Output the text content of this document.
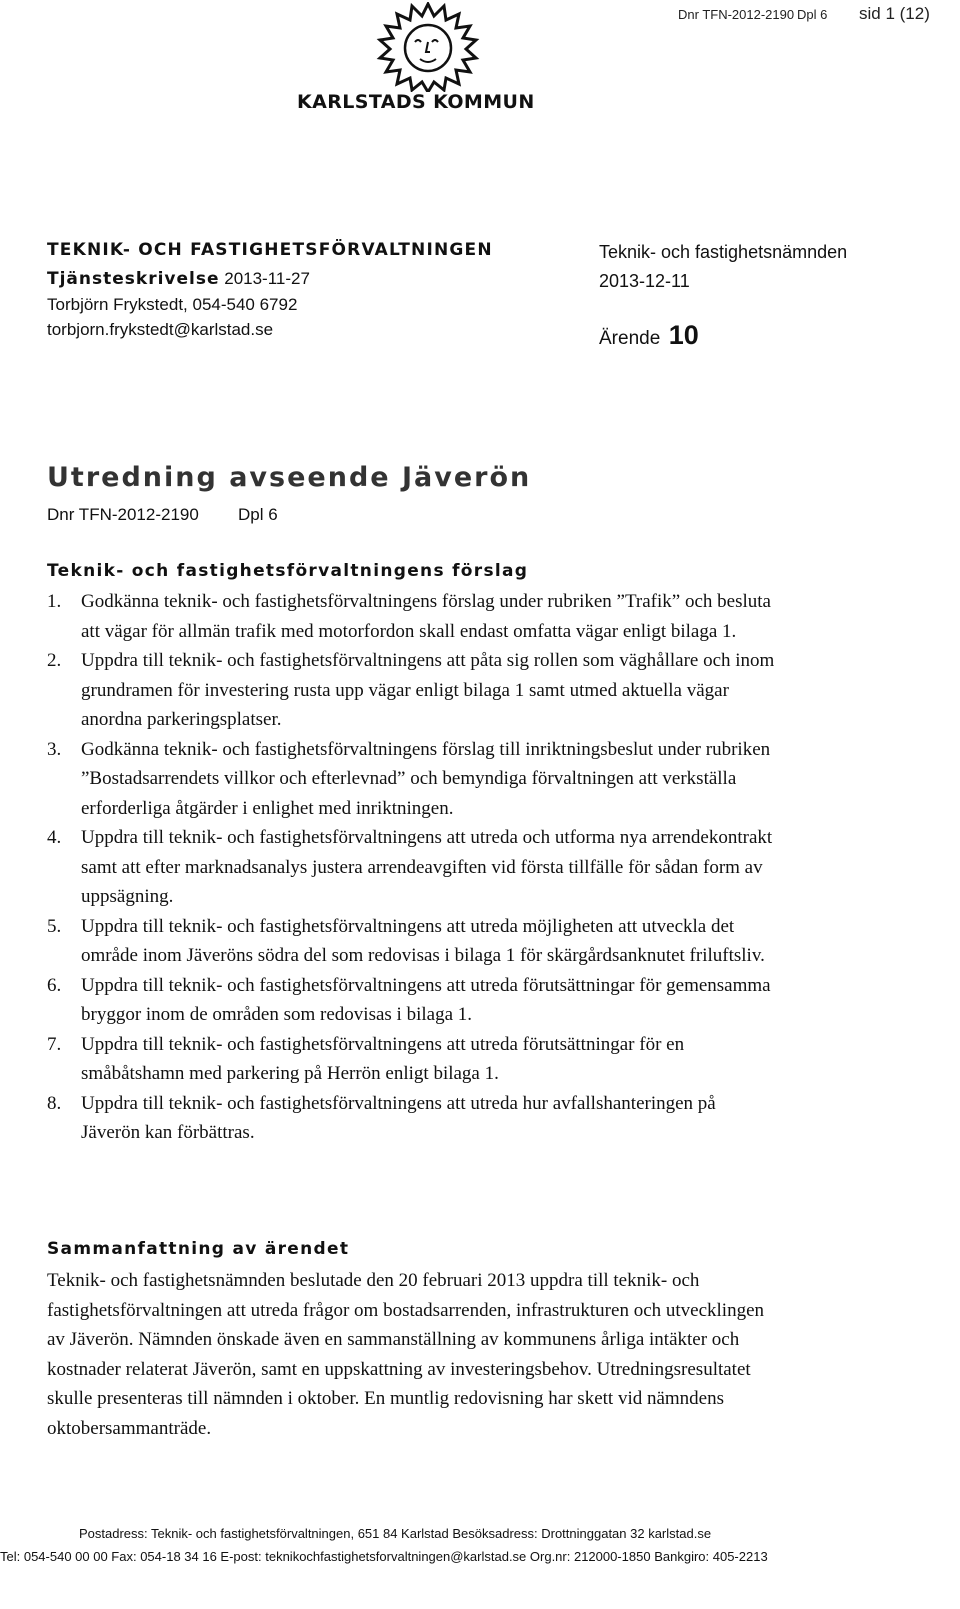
Dnr TFN-2012-2190 Dpl 6 sid 1 (12)
KARLSTADS KOMMUN
TEKNIK- OCH FASTIGHETSFÖRVALTNINGEN
Tjänsteskrivelse 2013-11-27
Torbjörn Frykstedt, 054-540 6792
torbjorn.frykstedt@karlstad.se
Teknik- och fastighetsnämnden
2013-12-11
Ärende 10
Utredning avseende Jäverön
Dnr TFN-2012-2190 Dpl 6
Teknik- och fastighetsförvaltningens förslag
1. Godkänna teknik- och fastighetsförvaltningens förslag under rubriken ”Trafik” och besluta att vägar för allmän trafik med motorfordon skall endast omfatta vägar enligt bilaga 1.
2. Uppdra till teknik- och fastighetsförvaltningens att påta sig rollen som väghållare och inom grundramen för investering rusta upp vägar enligt bilaga 1 samt utmed aktuella vägar anordna parkeringsplatser.
3. Godkänna teknik- och fastighetsförvaltningens förslag till inriktningsbeslut under rubriken ”Bostadsarrendets villkor och efterlevnad” och bemyndiga förvaltningen att verkställa erforderliga åtgärder i enlighet med inriktningen.
4. Uppdra till teknik- och fastighetsförvaltningens att utreda och utforma nya arrendekontrakt samt att efter marknadsanalys justera arrendeavgiften vid första tillfälle för sådan form av uppsägning.
5. Uppdra till teknik- och fastighetsförvaltningens att utreda möjligheten att utveckla det område inom Jäveröns södra del som redovisas i bilaga 1 för skärgårdsanknutet friluftsliv.
6. Uppdra till teknik- och fastighetsförvaltningens att utreda förutsättningar för gemensamma bryggor inom de områden som redovisas i bilaga 1.
7. Uppdra till teknik- och fastighetsförvaltningens att utreda förutsättningar för en småbåtshamn med parkering på Herrön enligt bilaga 1.
8. Uppdra till teknik- och fastighetsförvaltningens att utreda hur avfallshanteringen på Jäverön kan förbättras.
Sammanfattning av ärendet
Teknik- och fastighetsnämnden beslutade den 20 februari 2013 uppdra till teknik- och fastighetsförvaltningen att utreda frågor om bostadsarrenden, infrastrukturen och utvecklingen av Jäverön. Nämnden önskade även en sammanställning av kommunens årliga intäkter och kostnader relaterat Jäverön, samt en uppskattning av investeringsbehov. Utredningsresultatet skulle presenteras till nämnden i oktober. En muntlig redovisning har skett vid nämndens oktobersammanträde.
Postadress: Teknik- och fastighetsförvaltningen, 651 84 Karlstad Besöksadress: Drottninggatan 32 karlstad.se
Tel: 054-540 00 00 Fax: 054-18 34 16 E-post: teknikochfastighetsforvaltningen@karlstad.se Org.nr: 212000-1850 Bankgiro: 405-2213
